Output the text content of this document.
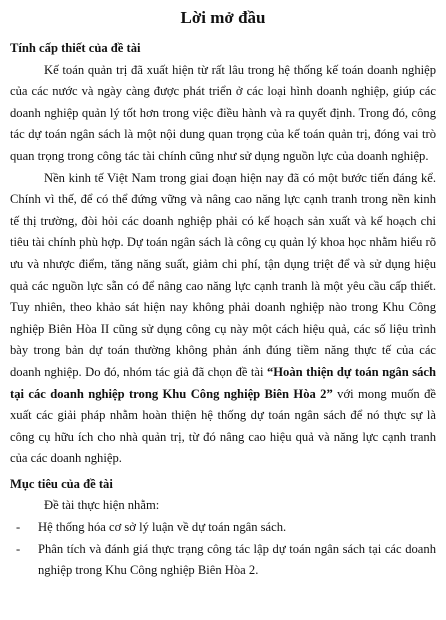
Lời mở đầu
Tính cấp thiết của đề tài

Kế toán quản trị đã xuất hiện từ rất lâu trong hệ thống kế toán doanh nghiệp của các nước và ngày càng được phát triển ở các loại hình doanh nghiệp, giúp các doanh nghiệp quản lý tốt hơn trong việc điều hành và ra quyết định. Trong đó, công tác dự toán ngân sách là một nội dung quan trọng của kế toán quản trị, đóng vai trò quan trọng trong công tác tài chính cũng như sử dụng nguồn lực của doanh nghiệp.

Nền kinh tế Việt Nam trong giai đoạn hiện nay đã có một bước tiến đáng kể. Chính vì thế, để có thể đứng vững và nâng cao năng lực cạnh tranh trong nền kinh tế thị trường, đòi hỏi các doanh nghiệp phải có kế hoạch sản xuất và kế hoạch chi tiêu tài chính phù hợp. Dự toán ngân sách là công cụ quản lý khoa học nhằm hiểu rõ ưu và nhược điểm, tăng năng suất, giảm chi phí, tận dụng triệt để và sử dụng hiệu quả các nguồn lực sẵn có để nâng cao năng lực cạnh tranh là một yêu cầu cấp thiết. Tuy nhiên, theo khảo sát hiện nay không phải doanh nghiệp nào trong Khu Công nghiệp Biên Hòa II cũng sử dụng công cụ này một cách hiệu quả, các số liệu trình bày trong bản dự toán thường không phản ánh đúng tiềm năng thực tế của các doanh nghiệp. Do đó, nhóm tác giả đã chọn đề tài “Hoàn thiện dự toán ngân sách tại các doanh nghiệp trong Khu Công nghiệp Biên Hòa 2” với mong muốn đề xuất các giải pháp nhằm hoàn thiện hệ thống dự toán ngân sách để nó thực sự là công cụ hữu ích cho nhà quản trị, từ đó nâng cao hiệu quả và năng lực cạnh tranh của các doanh nghiệp.

Mục tiêu của đề tài

Đề tài thực hiện nhằm:

- Hệ thống hóa cơ sở lý luận về dự toán ngân sách.
- Phân tích và đánh giá thực trạng công tác lập dự toán ngân sách tại các doanh nghiệp trong Khu Công nghiệp Biên Hòa 2.
